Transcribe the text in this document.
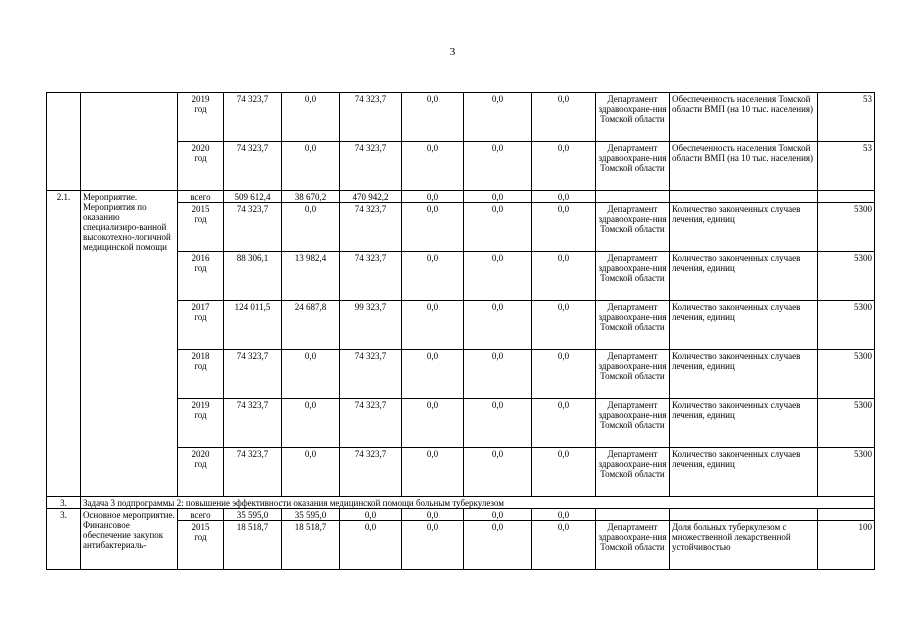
3
		2019
год	74 323,7	0,0	74 323,7	0,0	0,0	0,0	Департамент здравоохране-ния Томской области	Обеспеченность населения Томской области ВМП (на 10 тыс. населения)	53
		2020
год	74 323,7	0,0	74 323,7	0,0	0,0	0,0	Департамент здравоохране-ния Томской области	Обеспеченность населения Томской области ВМП (на 10 тыс. населения)	53
2.1.	Мероприятие. Мероприятия по оказанию специализиро-ванной высокотехно-логичной медицинской помощи	всего	509 612,4	38 670,2	470 942,2	0,0	0,0	0,0			
		2015
год	74 323,7	0,0	74 323,7	0,0	0,0	0,0	Департамент здравоохране-ния Томской области	Количество законченных случаев лечения, единиц	5300
		2016
год	88 306,1	13 982,4	74 323,7	0,0	0,0	0,0	Департамент здравоохране-ния Томской области	Количество законченных случаев лечения, единиц	5300
		2017
год	124 011,5	24 687,8	99 323,7	0,0	0,0	0,0	Департамент здравоохране-ния Томской области	Количество законченных случаев лечения, единиц	5300
		2018
год	74 323,7	0,0	74 323,7	0,0	0,0	0,0	Департамент здравоохране-ния Томской области	Количество законченных случаев лечения, единиц	5300
		2019
год	74 323,7	0,0	74 323,7	0,0	0,0	0,0	Департамент здравоохране-ния Томской области	Количество законченных случаев лечения, единиц	5300
		2020
год	74 323,7	0,0	74 323,7	0,0	0,0	0,0	Департамент здравоохране-ния Томской области	Количество законченных случаев лечения, единиц	5300
3.	Задача 3 подпрограммы 2: повышение эффективности оказания медицинской помощи больным туберкулезом										
3.	Основное мероприятие. Финансовое обеспечение закупок антибактериаль-	всего	35 595,0	35 595,0	0,0	0,0	0,0	0,0			
		2015
год	18 518,7	18 518,7	0,0	0,0	0,0	0,0	Департамент здравоохране-ния Томской области	Доля больных туберкулезом с множественной лекарственной устойчивостью	100
